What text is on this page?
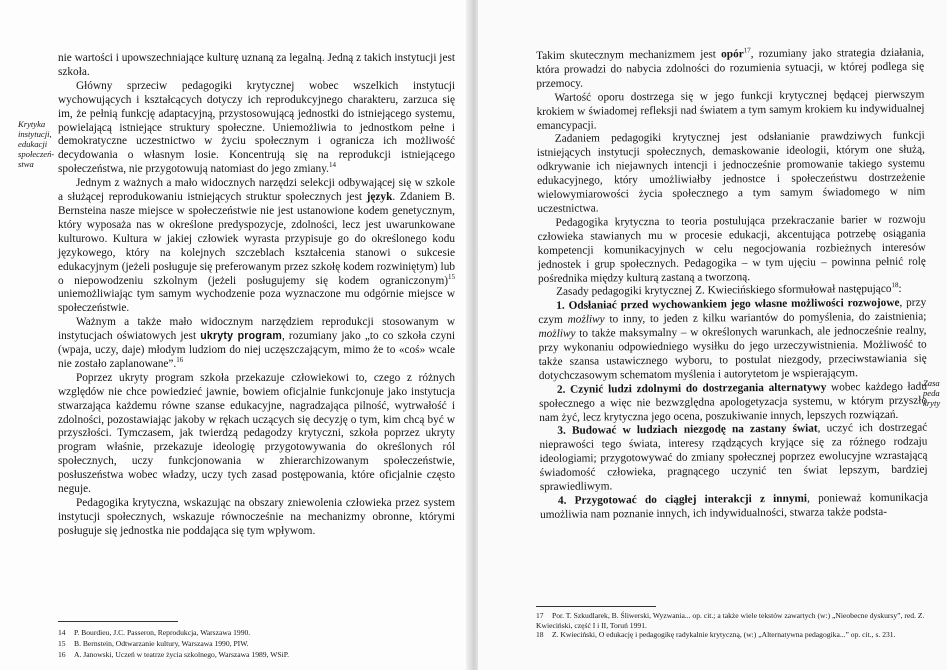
Krytyka instytucji, edukacji społeczeń-stwa

nie wartości i upowszechniające kulturę uznaną za legalną. Jedną z takich instytucji jest szkoła.

Główny sprzeciw pedagogiki krytycznej wobec wszelkich instytucji wychowujących i kształcących dotyczy ich reprodukcyjnego charakteru, zarzuca się im, że pełnią funkcję adaptacyjną, przystosowującą jednostki do istniejącego systemu, powielającą istniejące struktury społeczne. Uniemożliwia to jednostkom pełne i demokratyczne uczestnictwo w życiu społecznym i ograniczа ich możliwość decydowania o własnym losie. Koncentrują się na reprodukcji istniejącego społeczeństwa, nie przygotowują natomiast do jego zmiany.$^{14}$

Jednym z ważnych a mało widocznych narzędzi selekcji odbywającej się w szkole a służącej reprodukowaniu istniejących struktur społecznych jest język. Zdaniem B. Bernsteina nasze miejsce w społeczeństwie nie jest ustanowione kodem genetycznym, który wyposaża nas w określone predyspozycje, zdolności, lecz jest uwarunkowane kulturowo. Kultura w jakiej człowiek wyrasta przypisuje go do określonego kodu językowego, który na kolejnych szczeblach kształcenia stanowi o sukcesie edukacyjnym (jeżeli posługuje się preferowanym przez szkołę kodem rozwiniętym) lub o niepowodzeniu szkolnym (jeżeli posługujemy się kodem ograniczonym)$^{15}$ uniemożliwiając tym samym wychodzenie poza wyznaczone mu odgórnie miejsce w społeczeństwie.

Ważnym a także mało widocznym narzędziem reprodukcji stosowanym w instytucjach oświatowych jest ukryty program, rozumiany jako „to co szkoła czyni (wpaja, uczy, daje) młodym ludziom do niej uczęszczającym, mimo że to «coś» wcale nie zostało zaplanowane”.$^{16}$

Poprzez ukryty program szkoła przekazuje człowiekowi to, czego z różnych względów nie chce powiedzieć jawnie, bowiem oficjalnie funkcjonuje jako instytucja stwarzająca każdemu równe szanse edukacyjne, nagradzająca pilność, wytrwałość i zdolności, pozostawiając jakoby w rękach uczących się decyzję o tym, kim chcą być w przyszłości. Tymczasem, jak twierdzą pedagodzy krytyczni, szkoła poprzez ukryty program właśnie, przekazuje ideologię przygotowywania do określonych ról społecznych, uczy funkcjonowania w zhierarchizowanym społeczeństwie, posłuszeństwa wobec władzy, uczy tych zasad postępowania, które oficjalnie często neguje.

Pedagogika krytyczna, wskazując na obszary zniewolenia człowieka przez system instytucji społecznych, wskazuje równocześnie na mechanizmy obronne, którymi posługuje się jednostka nie poddająca się tym wpływom.

14 P. Bourdieu, J.C. Passeron, Reprodukcja, Warszawa 1990.
15 B. Bernstein, Odtwarzanie kultury, Warszawa 1990, PIW.
16 A. Janowski, Uczeń w teatrze życia szkolnego, Warszawa 1989, WSiP.

Takim skutecznym mechanizmem jest opór$^{17}$, rozumiany jako strategia działania, która prowadzi do nabycia zdolności do rozumienia sytuacji, w której podlega się przemocy.

Wartość oporu dostrzega się w jego funkcji krytycznej będącej pierwszym krokiem w świadomej refleksji nad światem a tym samym krokiem ku indywidualnej emancypacji.

Zadaniem pedagogiki krytycznej jest odsłanianie prawdziwych funkcji istniejących instytucji społecznych, demaskowanie ideologii, którym one służą, odkrywanie ich niejawnych intencji i jednocześnie promowanie takiego systemu edukacyjnego, który umożliwiałby jednostce i społeczeństwu dostrzeżenie wielowymiarowości życia społecznego a tym samym świadomego w nim uczestnictwa.

Pedagogika krytyczna to teoria postulująca przekraczanie barier w rozwoju człowieka stawianych mu w procesie edukacji, akcentująca potrzebę osiągania kompetencji komunikacyjnych w celu negocjowania rozbieżnych interesów jednostek i grup społecznych. Pedagogika – w tym ujęciu – powinna pełnić rolę pośrednika między kulturą zastaną a tworzoną.

Zasady pedagogiki krytycznej Z. Kwiecińskiego sformułował następująco$^{18}$:

1. Odsłaniać przed wychowankiem jego własne możliwości rozwojowe, przy czym możliwy to inny, to jeden z kilku wariantów do pomyślenia, do zaistnienia; możliwy to także maksymalny – w określonych warunkach, ale jednocześnie realny, przy wykonaniu odpowiedniego wysiłku do jego urzeczywistnienia. Możliwość to także szansa ustawicznego wyboru, to postulat niezgody, przeciwstawiania się dotychczasowym schematom myślenia i autorytetom je wspierającym.

2. Czynić ludzi zdolnymi do dostrzegania alternatywy wobec każdego ładu społecznego a więc nie bezwzględna apologetyzacja systemu, w którym przyszło nam żyć, lecz krytyczna jego ocena, poszukiwanie innych, lepszych rozwiązań.

3. Budować w ludziach niezgodę na zastany świat, uczyć ich dostrzegać nieprawości tego świata, interesy rządzących kryjące się za różnego rodzaju ideologiami; przygotowywać do zmiany społecznej poprzez ewolucyjne wzrastającą świadomość człowieka, pragnącego uczynić ten świat lepszym, bardziej sprawiedliwym.

4. Przygotować do ciągłej interakcji z innymi, ponieważ komunikacja umożliwia nam poznanie innych, ich indywidualności, stwarza także podsta-

Zasa peda kryty
17 Por. T. Szkudlarek, B. Śliwerski, Wyzwania... op. cit.; a także wiele tekstów zawartych (w:) „Nieobecne dyskursy”, red. Z. Kwieciński, część I i II, Toruń 1991.
18 Z. Kwieciński, O edukację i pedagogikę radykalnie krytyczną, (w:) „Alternatywna pedagogika...” op. cit., s. 231.
